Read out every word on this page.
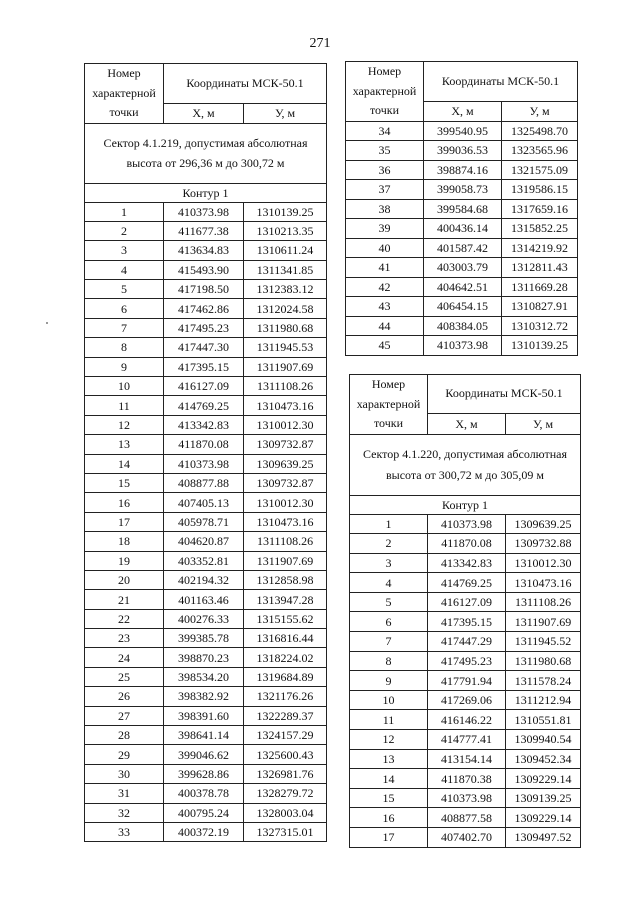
271
Номер характерной точки	Координаты МСК-50.1	
	X, м	У, м
Сектор 4.1.219, допустимая абсолютная высота от 296,36 м до 300,72 м		
Контур 1		
1	410373.98	1310139.25
2	411677.38	1310213.35
3	413634.83	1310611.24
4	415493.90	1311341.85
5	417198.50	1312383.12
6	417462.86	1312024.58
7	417495.23	1311980.68
8	417447.30	1311945.53
9	417395.15	1311907.69
10	416127.09	1311108.26
11	414769.25	1310473.16
12	413342.83	1310012.30
13	411870.08	1309732.87
14	410373.98	1309639.25
15	408877.88	1309732.87
16	407405.13	1310012.30
17	405978.71	1310473.16
18	404620.87	1311108.26
19	403352.81	1311907.69
20	402194.32	1312858.98
21	401163.46	1313947.28
22	400276.33	1315155.62
23	399385.78	1316816.44
24	398870.23	1318224.02
25	398534.20	1319684.89
26	398382.92	1321176.26
27	398391.60	1322289.37
28	398641.14	1324157.29
29	399046.62	1325600.43
30	399628.86	1326981.76
31	400378.78	1328279.72
32	400795.24	1328003.04
33	400372.19	1327315.01
Номер характерной точки	Координаты МСК-50.1	
	X, м	У, м
34	399540.95	1325498.70
35	399036.53	1323565.96
36	398874.16	1321575.09
37	399058.73	1319586.15
38	399584.68	1317659.16
39	400436.14	1315852.25
40	401587.42	1314219.92
41	403003.79	1312811.43
42	404642.51	1311669.28
43	406454.15	1310827.91
44	408384.05	1310312.72
45	410373.98	1310139.25
Номер характерной точки	Координаты МСК-50.1	
	X, м	У, м
Сектор 4.1.220, допустимая абсолютная высота от 300,72 м до 305,09 м		
Контур 1		
1	410373.98	1309639.25
2	411870.08	1309732.88
3	413342.83	1310012.30
4	414769.25	1310473.16
5	416127.09	1311108.26
6	417395.15	1311907.69
7	417447.29	1311945.52
8	417495.23	1311980.68
9	417791.94	1311578.24
10	417269.06	1311212.94
11	416146.22	1310551.81
12	414777.41	1309940.54
13	413154.14	1309452.34
14	411870.38	1309229.14
15	410373.98	1309139.25
16	408877.58	1309229.14
17	407402.70	1309497.52
